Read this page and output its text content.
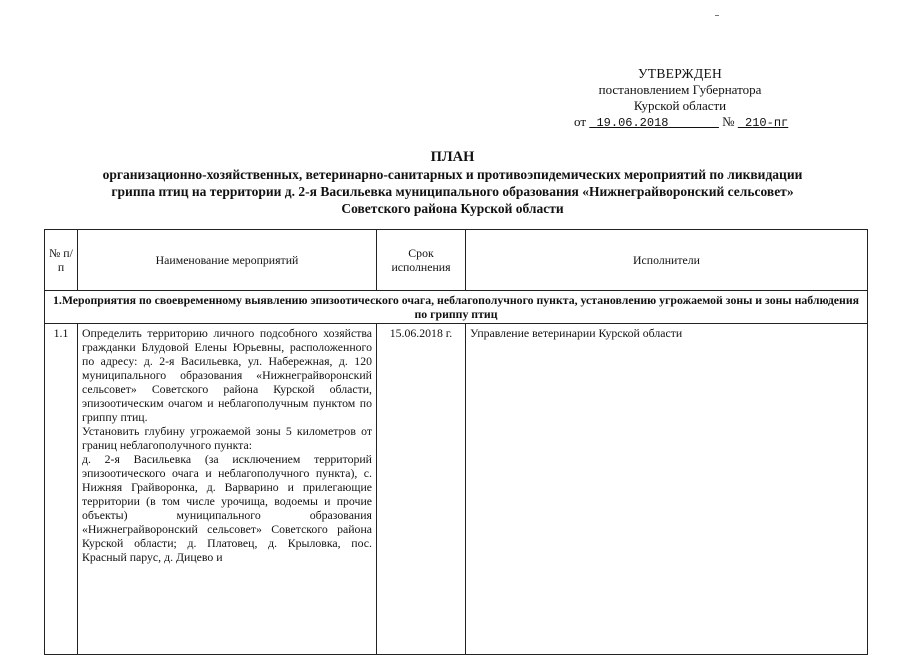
УТВЕРЖДЕН
постановлением Губернатора
Курской области
от 19.06.2018	№ 210-пг
ПЛАН
организационно-хозяйственных, ветеринарно-санитарных и противоэпидемических мероприятий по ликвидации
гриппа птиц на территории д. 2-я Васильевка муниципального образования «Нижнеграйворонский сельсовет»
Советского района Курской области
№ п/п	Наименование мероприятий	Срок исполнения	Исполнители
1.Мероприятия по своевременному выявлению эпизоотического очага, неблагополучного пункта, установлению угрожаемой зоны и зоны наблюдения по гриппу птиц			
1.1	Определить территорию личного подсобного хозяйства гражданки Блудовой Елены Юрьевны, расположенного по адресу: д. 2-я Васильевка, ул. Набережная, д. 120 муниципального образования «Нижнеграйворонский сельсовет» Советского района Курской области, эпизоотическим очагом и неблагополучным пунктом по гриппу птиц.
Установить глубину угрожаемой зоны 5 километров от границ неблагополучного пункта:
д. 2-я Васильевка (за исключением территорий эпизоотического очага и неблагополучного пункта), с. Нижняя Грайворонка, д. Варварино и прилегающие территории (в том числе урочища, водоемы и прочие объекты) муниципального образования «Нижнеграйворонский сельсовет» Советского района Курской области; д. Платовец, д. Крыловка, пос. Красный парус, д. Дицево и	15.06.2018 г.	Управление ветеринарии Курской области
